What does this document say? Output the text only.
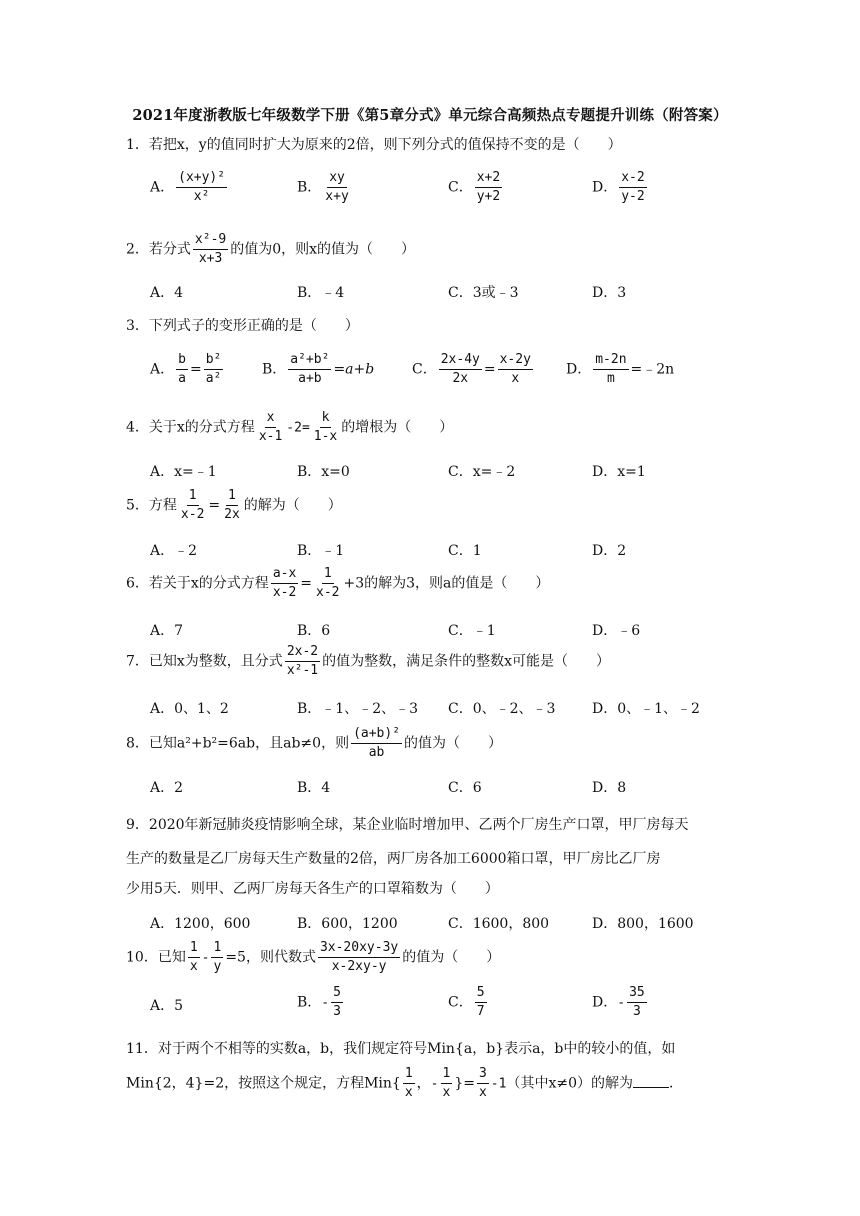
2021年度浙教版七年级数学下册《第5章分式》单元综合高频热点专题提升训练（附答案）
1．若把x，y的值同时扩大为原来的2倍，则下列分式的值保持不变的是（　　）
A． $\frac{\text{(x+y)²}}{\text{x²}}$	B． $\frac{xy}{x+y}$	C． $\frac{x+2}{y+2}$	D． $\frac{x-2}{y-2}$
2．若分式 $\frac{\text{x²-9}}{x+3}$ 的值为0，则x的值为（　　）
A．4	B．﹣4	C．3或﹣3	D．3
3．下列式子的变形正确的是（　　）
A． $\frac{b}{a} = \frac{\text{b²}}{\text{a²}}$	B． $\frac{\text{a²+b²}}{a+b} =a+b$	C． $\frac{2x-4y}{2x} = \frac{x-2y}{x}$ D． $\frac{m-2n}{m}$ =﹣2n
4．关于x的分式方程 $\frac{x}{x-1} -2= \frac{k}{1-x}$ 的增根为（　　）
A．x=﹣1	B．x=0	C．x=﹣2	D．x=1
5．方程 $\frac{1}{x-2} = \frac{1}{2x}$ 的解为（　　）
A．﹣2	B．﹣1	C．1	D．2
6．若关于x的分式方程 $\frac{a-x}{x-2} = \frac{1}{x-2} +3$的解为3，则a的值是（　　）
A．7	B．6	C．﹣1	D．﹣6
7．已知x为整数，且分式 $\frac{2x-2}{\text{x²-1}}$ 的值为整数，满足条件的整数x可能是（　　）
A．0、1、2	B．﹣1、﹣2、﹣3 C．0、﹣2、﹣3	D．0、﹣1、﹣2
8．已知a²+b²=6ab，且ab≠0，则 $\frac{\text{(a+b)²}}{ab}$ 的值为（　　）
A．2	B．4	C．6	D．8
9．2020年新冠肺炎疫情影响全球，某企业临时增加甲、乙两个厂房生产口罩，甲厂房每天
生产的数量是乙厂房每天生产数量的2倍，两厂房各加工6000箱口罩，甲厂房比乙厂房
少用5天．则甲、乙两厂房每天各生产的口罩箱数为（　　）
A．1200，600	B．600，1200	C．1600，800	D．800，1600
10．已知 $\frac{1}{x} - \frac{1}{y} =5$，则代数式 $\frac{3x-20xy-3y}{x-2xy-y}$ 的值为（　　）
A．5	B．- $\frac{5}{3}$	C． $\frac{5}{7}$	D．- $\frac{35}{3}$
11．对于两个不相等的实数a，b，我们规定符号Min{a，b}表示a，b中的较小的值，如
Min{2，4}=2，按照这个规定，方程$Min\{ \frac{1}{x}$ ，- $\frac{1}{x}$ }= $\frac{3}{x} -1$（其中x≠0）的解为	．
